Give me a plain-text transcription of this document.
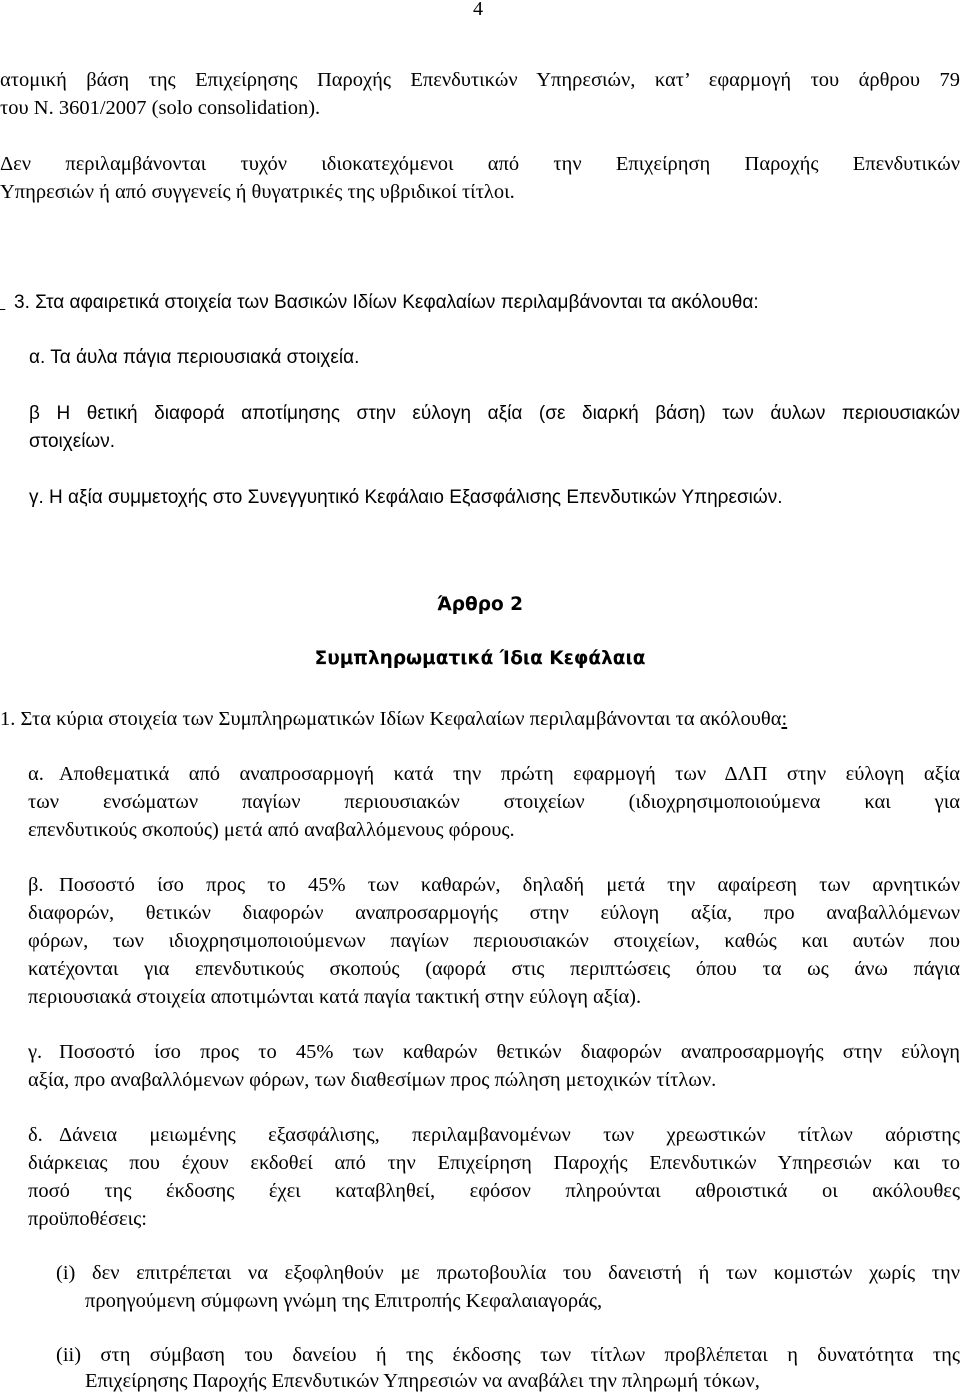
4
ατομική βάση της Επιχείρησης Παροχής Επενδυτικών Υπηρεσιών, κατ’ εφαρμογή του άρθρου 79
του Ν. 3601/2007 (solo consolidation).
Δεν περιλαμβάνονται τυχόν ιδιοκατεχόμενοι από την Επιχείρηση Παροχής Επενδυτικών
Υπηρεσιών ή από συγγενείς ή θυγατρικές της υβριδικοί τίτλοι.
3. Στα αφαιρετικά στοιχεία των Βασικών Ιδίων Κεφαλαίων περιλαμβάνονται τα ακόλουθα:
α. Τα άυλα πάγια περιουσιακά στοιχεία.
β Η θετική διαφορά αποτίμησης στην εύλογη αξία (σε διαρκή βάση) των άυλων περιουσιακών
στοιχείων.
γ. Η αξία συμμετοχής στο Συνεγγυητικό Κεφάλαιο Εξασφάλισης Επενδυτικών Υπηρεσιών.
Άρθρο 2
Συμπληρωματικά Ίδια Κεφάλαια
1. Στα κύρια στοιχεία των Συμπληρωματικών Ιδίων Κεφαλαίων περιλαμβάνονται τα ακόλουθα:
α. Αποθεματικά από αναπροσαρμογή κατά την πρώτη εφαρμογή των ΔΛΠ στην εύλογη αξία
των ενσώματων παγίων περιουσιακών στοιχείων (ιδιοχρησιμοποιούμενα και για
επενδυτικούς σκοπούς) μετά από αναβαλλόμενους φόρους.
β. Ποσοστό ίσο προς το 45% των καθαρών, δηλαδή μετά την αφαίρεση των αρνητικών
διαφορών, θετικών διαφορών αναπροσαρμογής στην εύλογη αξία, προ αναβαλλόμενων
φόρων, των ιδιοχρησιμοποιούμενων παγίων περιουσιακών στοιχείων, καθώς και αυτών που
κατέχονται για επενδυτικούς σκοπούς (αφορά στις περιπτώσεις όπου τα ως άνω πάγια
περιουσιακά στοιχεία αποτιμώνται κατά παγία τακτική στην εύλογη αξία).
γ. Ποσοστό ίσο προς το 45% των καθαρών θετικών διαφορών αναπροσαρμογής στην εύλογη
αξία, προ αναβαλλόμενων φόρων, των διαθεσίμων προς πώληση μετοχικών τίτλων.
δ. Δάνεια μειωμένης εξασφάλισης, περιλαμβανομένων των χρεωστικών τίτλων αόριστης
διάρκειας που έχουν εκδοθεί από την Επιχείρηση Παροχής Επενδυτικών Υπηρεσιών και το
ποσό της έκδοσης έχει καταβληθεί, εφόσον πληρούνται αθροιστικά οι ακόλουθες
προϋποθέσεις:
(i) δεν επιτρέπεται να εξοφληθούν με πρωτοβουλία του δανειστή ή των κομιστών χωρίς την
προηγούμενη σύμφωνη γνώμη της Επιτροπής Κεφαλαιαγοράς,
(ii) στη σύμβαση του δανείου ή της έκδοσης των τίτλων προβλέπεται η δυνατότητα της
Επιχείρησης Παροχής Επενδυτικών Υπηρεσιών να αναβάλει την πληρωμή τόκων,
